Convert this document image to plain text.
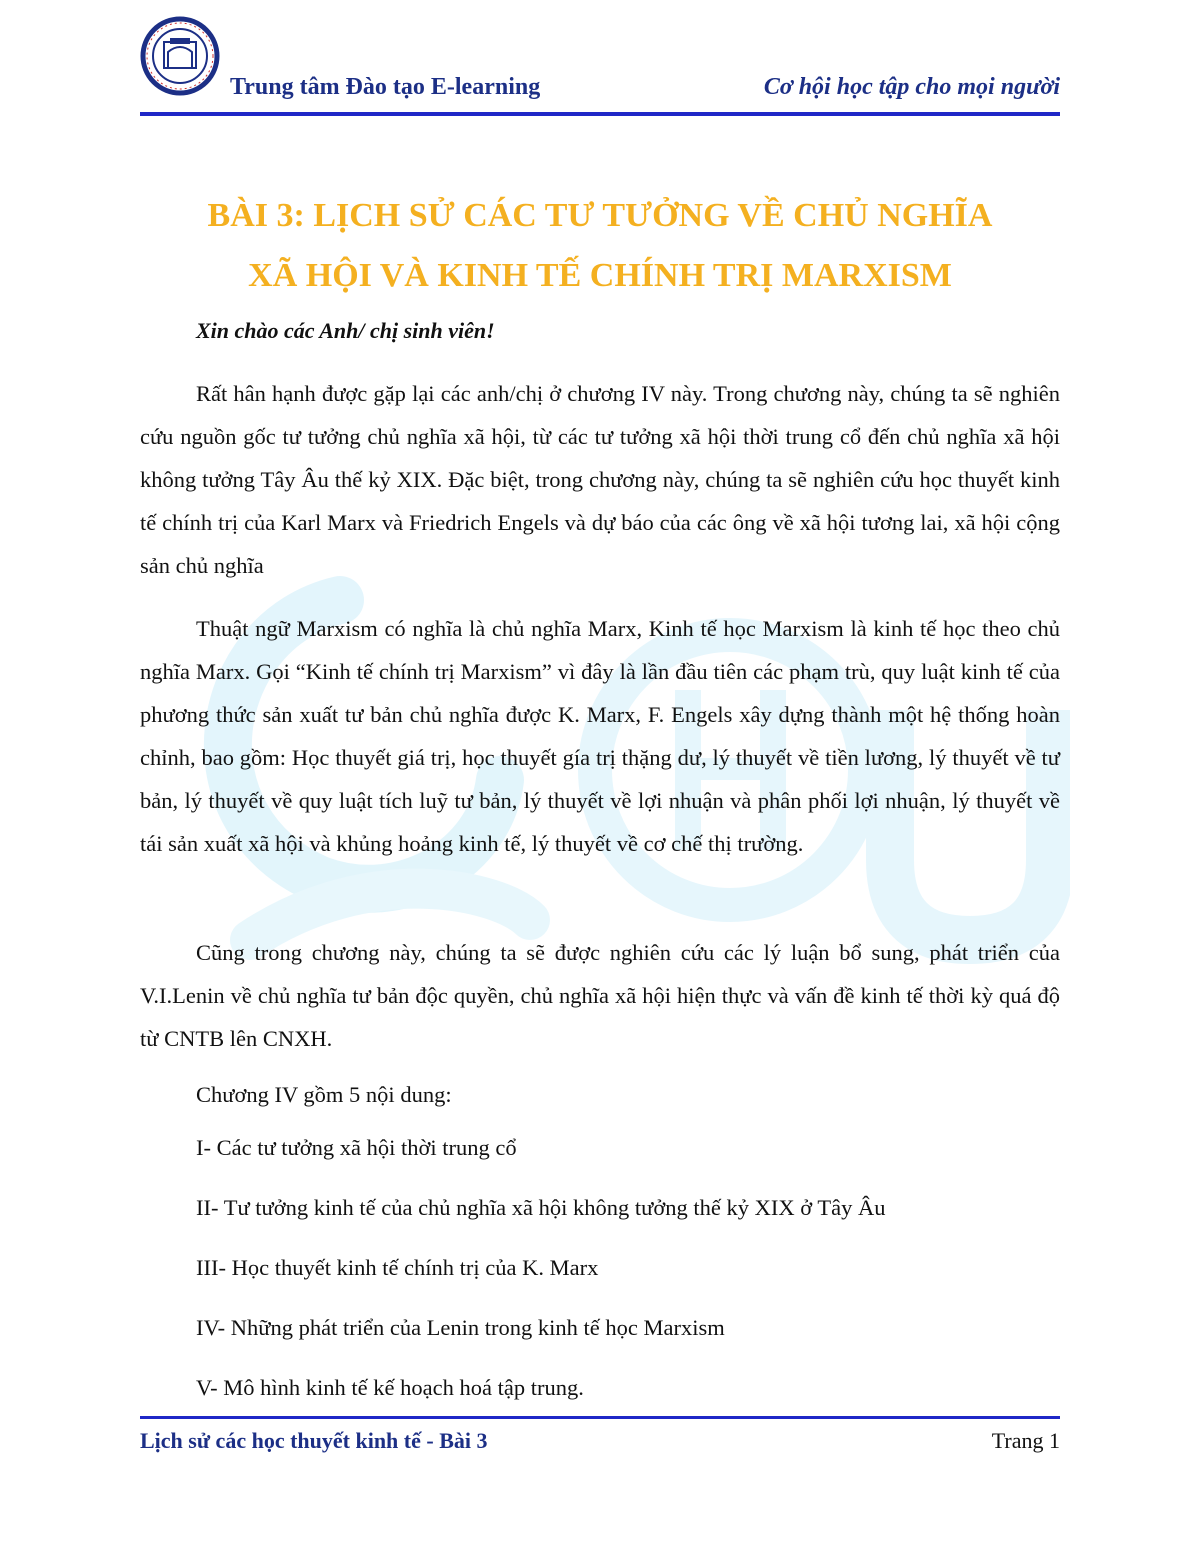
Trung tâm Đào tạo E-learning	Cơ hội học tập cho mọi người
BÀI 3: LỊCH SỬ CÁC TƯ TƯỞNG VỀ CHỦ NGHĨA
XÃ HỘI VÀ KINH TẾ CHÍNH TRỊ MARXISM
Xin chào các Anh/ chị sinh viên!
Rất hân hạnh được gặp lại các anh/chị ở chương IV này. Trong chương này, chúng ta sẽ nghiên cứu nguồn gốc tư tưởng chủ nghĩa xã hội, từ các tư tưởng xã hội thời trung cổ đến chủ nghĩa xã hội không tưởng Tây Âu thế kỷ XIX. Đặc biệt, trong chương này, chúng ta sẽ nghiên cứu học thuyết kinh tế chính trị của Karl Marx và Friedrich Engels và dự báo của các ông về xã hội tương lai, xã hội cộng sản chủ nghĩa
Thuật ngữ Marxism có nghĩa là chủ nghĩa Marx, Kinh tế học Marxism là kinh tế học theo chủ nghĩa Marx. Gọi “Kinh tế chính trị Marxism” vì đây là lần đầu tiên các phạm trù, quy luật kinh tế của phương thức sản xuất tư bản chủ nghĩa được K. Marx, F. Engels xây dựng thành một hệ thống hoàn chỉnh, bao gồm: Học thuyết giá trị, học thuyết gía trị thặng dư, lý thuyết về tiền lương, lý thuyết về tư bản, lý thuyết về quy luật tích luỹ tư bản, lý thuyết về lợi nhuận và phân phối lợi nhuận, lý thuyết về tái sản xuất xã hội và khủng hoảng kinh tế, lý thuyết về cơ chế thị trường.
Cũng trong chương này, chúng ta sẽ được nghiên cứu các lý luận bổ sung, phát triển của V.I.Lenin về chủ nghĩa tư bản độc quyền, chủ nghĩa xã hội hiện thực và vấn đề kinh tế thời kỳ quá độ từ CNTB lên CNXH.
Chương IV gồm 5 nội dung:
I- Các tư tưởng xã hội thời trung cổ
II- Tư tưởng kinh tế của chủ nghĩa xã hội không tưởng thế kỷ XIX ở Tây Âu
III- Học thuyết kinh tế chính trị của K. Marx
IV- Những phát triển của Lenin trong kinh tế học Marxism
V- Mô hình kinh tế kế hoạch hoá tập trung.
Lịch sử các học thuyết kinh tế - Bài 3	Trang 1
